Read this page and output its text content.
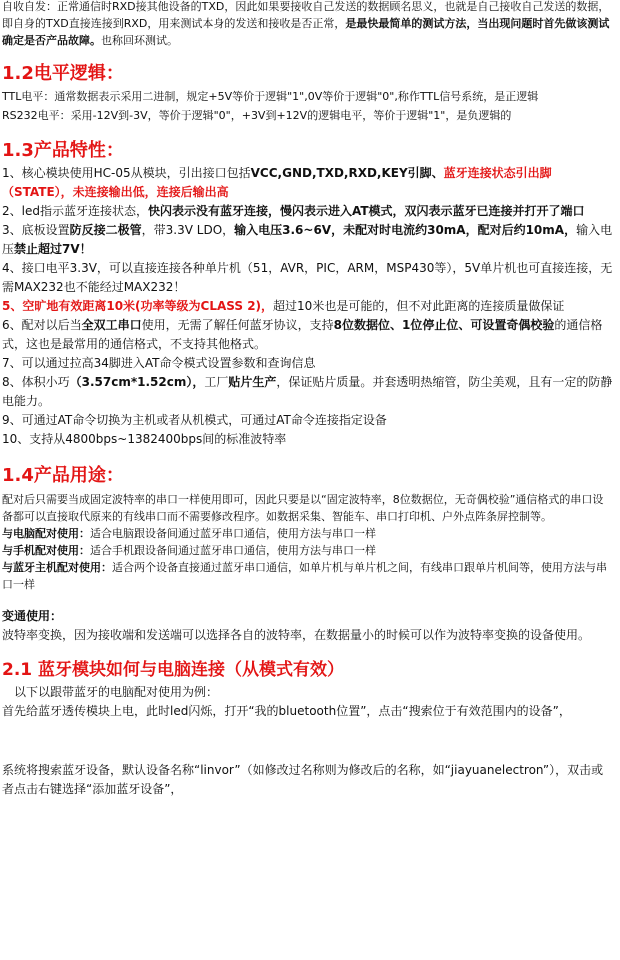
自收自发：正常通信时RXD接其他设备的TXD，因此如果要接收自己发送的数据顾名思义，也就是自己接收自己发送的数据，即自身的TXD直接连接到RXD，用来测试本身的发送和接收是否正常，是最快最简单的测试方法，当出现问题时首先做该测试确定是否产品故障。也称回环测试。

1.2电平逻辑：

TTL电平：通常数据表示采用二进制，规定+5V等价于逻辑"1",0V等价于逻辑"0",称作TTL信号系统，是正逻辑

RS232电平：采用-12V到-3V，等价于逻辑"0"，+3V到+12V的逻辑电平，等价于逻辑"1"，是负逻辑的

1.3产品特性：

1、核心模块使用HC-05从模块，引出接口包括VCC,GND,TXD,RXD,KEY引脚、蓝牙连接状态引出脚（STATE），未连接输出低，连接后输出高

2、led指示蓝牙连接状态，快闪表示没有蓝牙连接，慢闪表示进入AT模式，双闪表示蓝牙已连接并打开了端口

3、底板设置防反接二极管，带3.3V LDO，输入电压3.6~6V，未配对时电流约30mA，配对后约10mA，输入电压禁止超过7V！

4、接口电平3.3V，可以直接连接各种单片机（51，AVR，PIC，ARM，MSP430等），5V单片机也可直接连接，无需MAX232也不能经过MAX232！

5、空旷地有效距离10米(功率等级为CLASS 2)，超过10米也是可能的，但不对此距离的连接质量做保证

6、配对以后当全双工串口使用，无需了解任何蓝牙协议，支持8位数据位、1位停止位、可设置奇偶校验的通信格式，这也是最常用的通信格式，不支持其他格式。

7、可以通过拉高34脚进入AT命令模式设置参数和查询信息

8、体积小巧（3.57cm*1.52cm），工厂贴片生产，保证贴片质量。并套透明热缩管，防尘美观，且有一定的防静电能力。

9、可通过AT命令切换为主机或者从机模式，可通过AT命令连接指定设备

10、支持从4800bps~1382400bps间的标准波特率

1.4产品用途：

配对后只需要当成固定波特率的串口一样使用即可，因此只要是以“固定波特率，8位数据位，无奇偶校验”通信格式的串口设备都可以直接取代原来的有线串口而不需要修改程序。如数据采集、智能车、串口打印机、户外点阵条屏控制等。

与电脑配对使用：适合电脑跟设备间通过蓝牙串口通信，使用方法与串口一样

与手机配对使用：适合手机跟设备间通过蓝牙串口通信，使用方法与串口一样

与蓝牙主机配对使用：适合两个设备直接通过蓝牙串口通信，如单片机与单片机之间，有线串口跟单片机间等，使用方法与串口一样

变通使用：

波特率变换，因为接收端和发送端可以选择各自的波特率，在数据量小的时候可以作为波特率变换的设备使用。

2.1 蓝牙模块如何与电脑连接（从模式有效）

以下以跟带蓝牙的电脑配对使用为例：

首先给蓝牙透传模块上电，此时led闪烁，打开“我的bluetooth位置”，点击“搜索位于有效范围内的设备”，

系统将搜索蓝牙设备，默认设备名称“linvor”（如修改过名称则为修改后的名称，如“jiayuanelectron”），双击或者点击右键选择“添加蓝牙设备”，
